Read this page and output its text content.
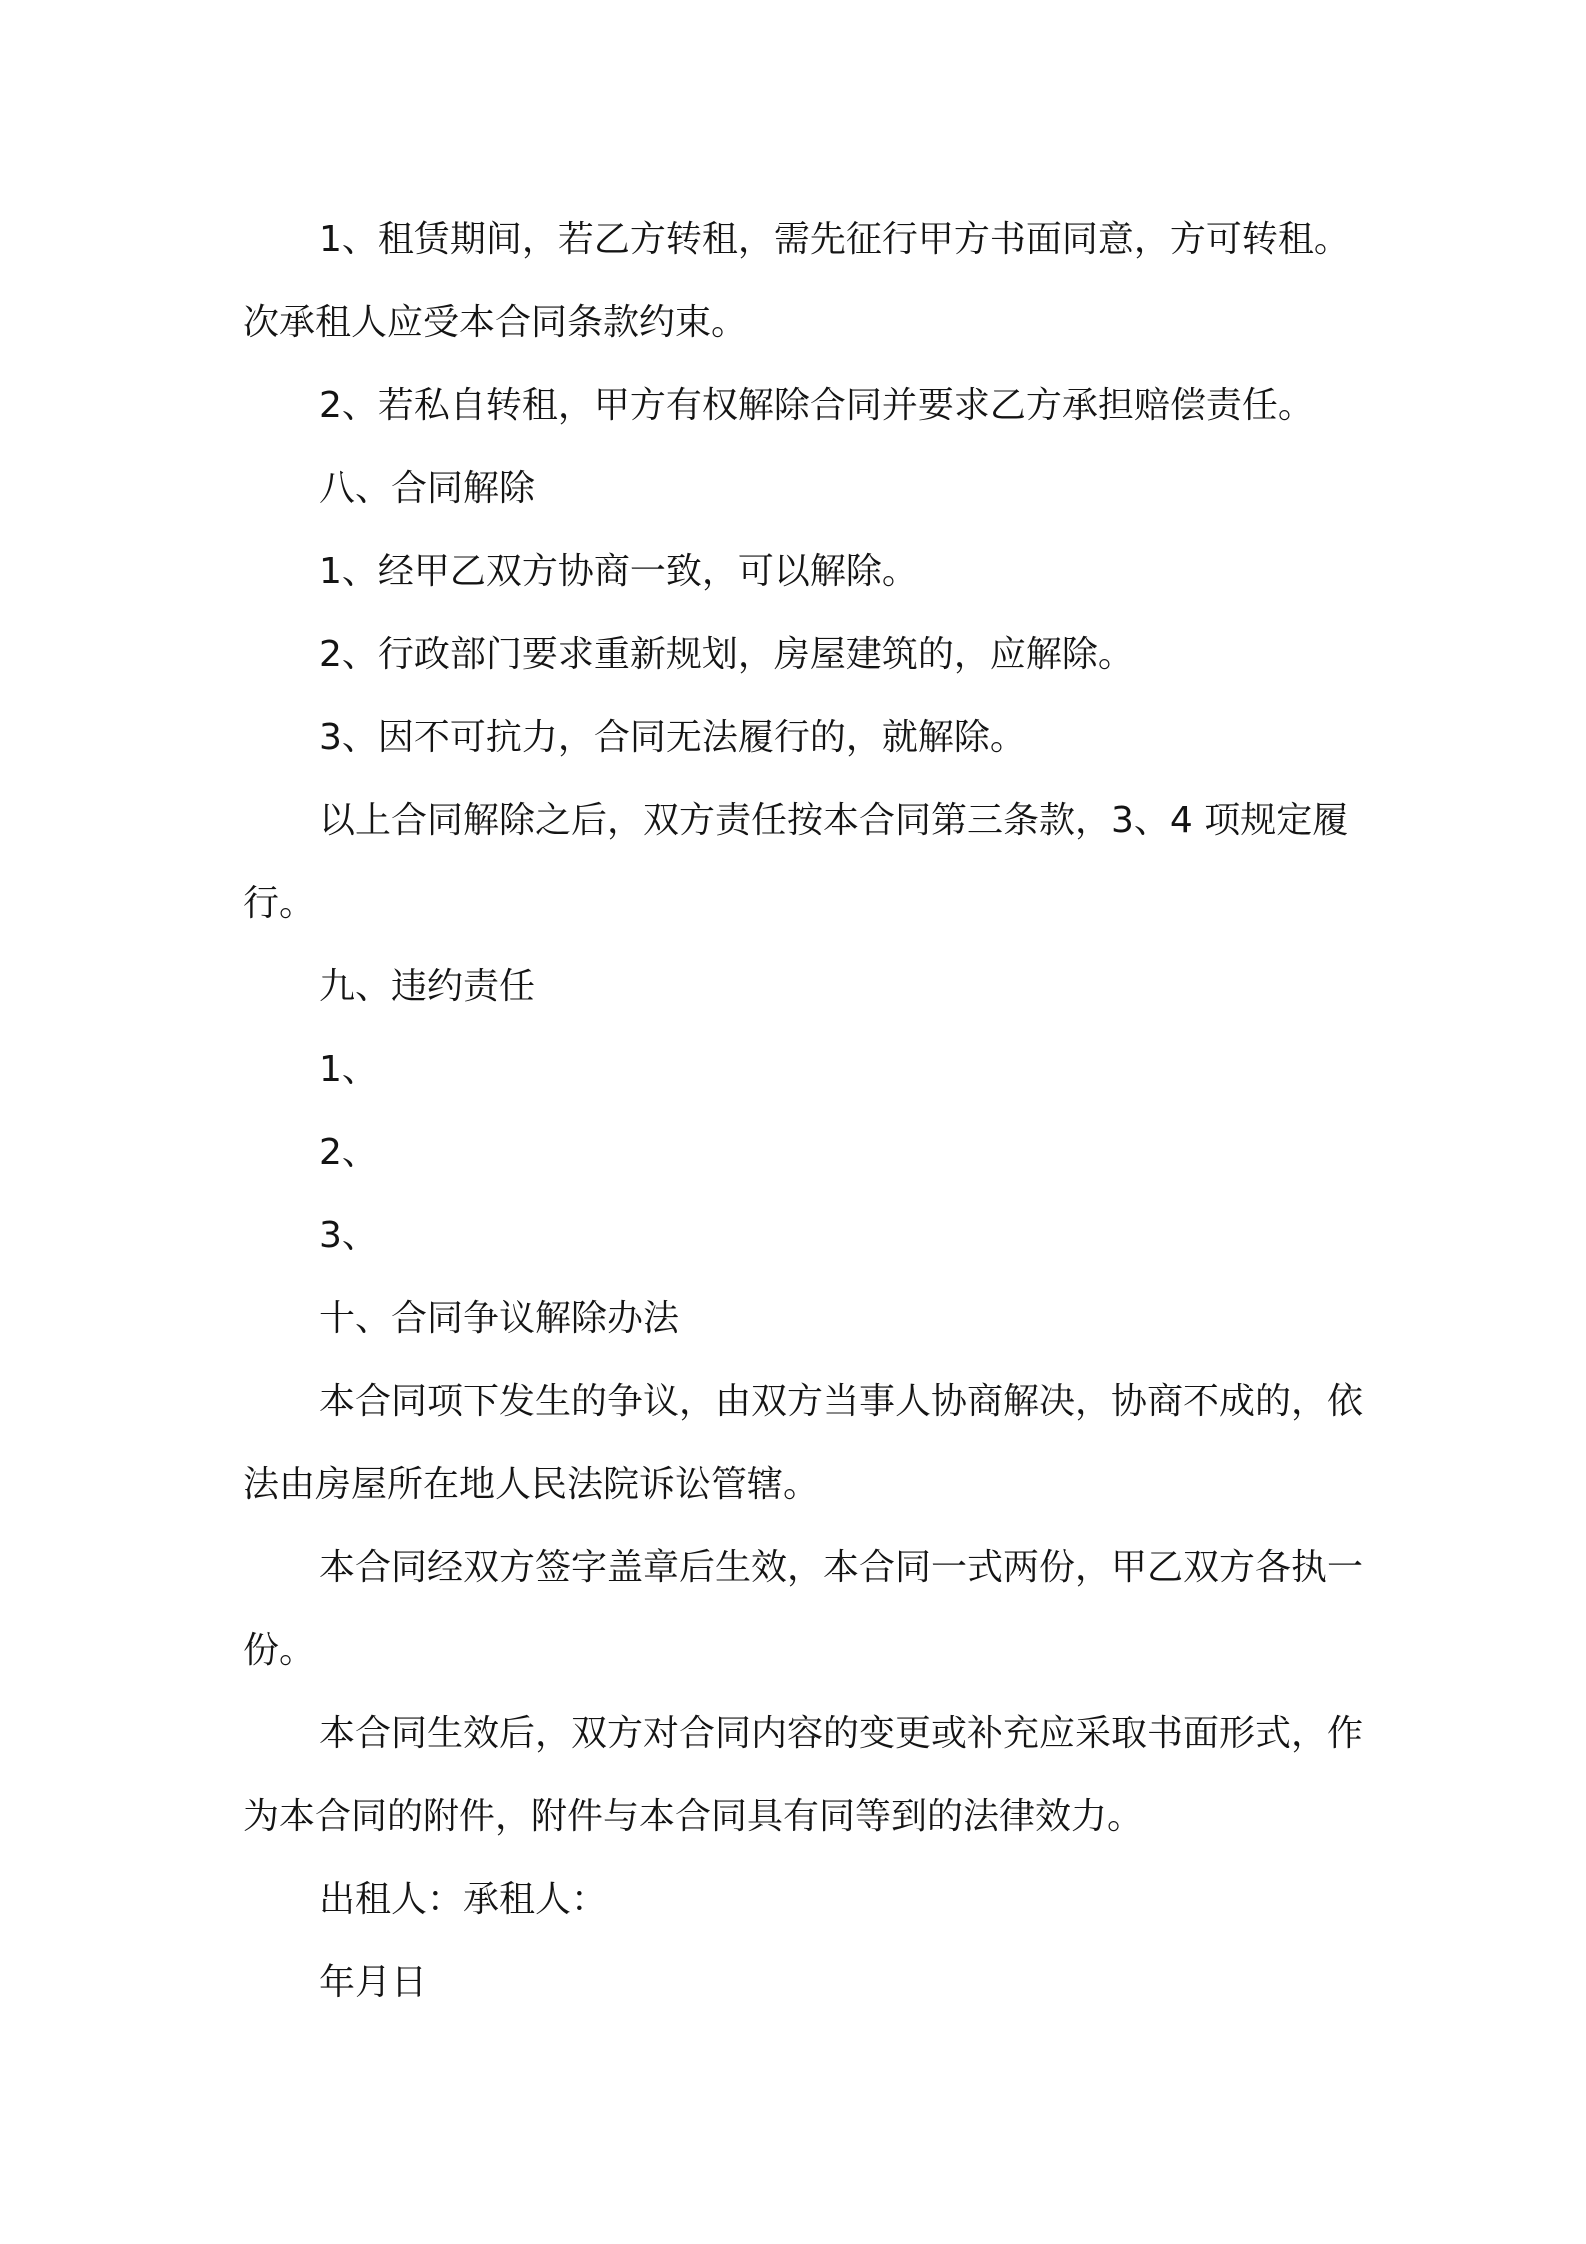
1、租赁期间，若乙方转租，需先征行甲方书面同意，方可转租。次承租人应受本合同条款约束。

2、若私自转租，甲方有权解除合同并要求乙方承担赔偿责任。

八、合同解除

1、经甲乙双方协商一致，可以解除。

2、行政部门要求重新规划，房屋建筑的，应解除。

3、因不可抗力，合同无法履行的，就解除。

以上合同解除之后，双方责任按本合同第三条款，3、4 项规定履行。

九、违约责任

1、

2、

3、

十、合同争议解除办法

本合同项下发生的争议，由双方当事人协商解决，协商不成的，依法由房屋所在地人民法院诉讼管辖。

本合同经双方签字盖章后生效，本合同一式两份，甲乙双方各执一份。

本合同生效后，双方对合同内容的变更或补充应采取书面形式，作为本合同的附件，附件与本合同具有同等到的法律效力。

出租人：承租人：

年月日
